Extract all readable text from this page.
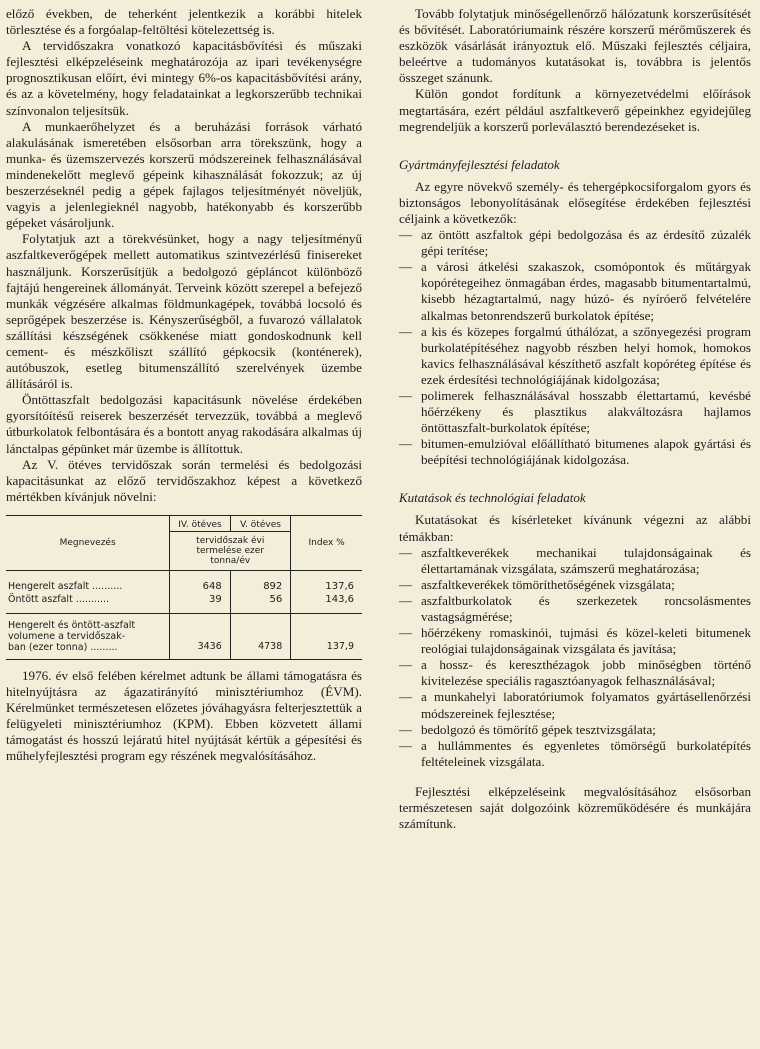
előző években, de teherként jelentkezik a korábbi hitelek törlesztése és a forgóalap-feltöltési kötelezettség is.

A tervidőszakra vonatkozó kapacitásbővítési és műszaki fejlesztési elképzeléseink meghatározója az ipari tevékenységre prognosztikusan előírt, évi mintegy 6%-os kapacitásbővítési arány, és az a követelmény, hogy feladatainkat a legkorszerűbb technikai színvonalon teljesítsük.

A munkaerőhelyzet és a beruházási források várható alakulásának ismeretében elsősorban arra törekszünk, hogy a munka- és üzemszervezés korszerű módszereinek felhasználásával mindenekelőtt meglevő gépeink kihasználását fokozzuk; az új beszerzéseknél pedig a gépek fajlagos teljesítményét növeljük, vagyis a jelenlegieknél nagyobb, hatékonyabb és korszerűbb gépeket vásároljunk.

Folytatjuk azt a törekvésünket, hogy a nagy teljesítményű aszfaltkeverőgépek mellett automatikus szintvezérlésű finisereket használjunk. Korszerűsítjük a bedolgozó gépláncot különböző fajtájú hengereinek állományát. Terveink között szerepel a befejező munkák végzésére alkalmas földmunkagépek, továbbá locsoló és seprőgépek beszerzése is. Kényszerűségből, a fuvarozó vállalatok szállítási készségének csökkenése miatt gondoskodnunk kell cement- és mészkőliszt szállító gépkocsik (konténerek), autóbuszok, esetleg bitumenszállító szerelvények üzembe állításáról is.

Öntöttaszfalt bedolgozási kapacitásunk növelése érdekében gyorsítóítésű reiserek beszerzését tervezzük, továbbá a meglevő útburkolatok felbontására és a bontott anyag rakodására alkalmas új lánctalpas gépünket már üzembe is állítottuk.

Az V. ötéves tervidőszak során termelési és bedolgozási kapacitásunkat az előző tervidőszakhoz képest a következő mértékben kívánjuk növelni:

Megnevezés	IV. ötéves	V. ötéves	Index %
	tervidőszak évi termelése ezer tonna/év		
Hengerelt aszfalt ..........	648	892	137,6
Öntött aszfalt ...........	39	56	143,6

Hengerelt és öntött-aszfalt
volumene a tervidőszak-
ban (ezer tonna) .........	3436	4738	137,9

1976. év első felében kérelmet adtunk be állami támogatásra és hitelnyújtásra az ágazatirányító minisztériumhoz (ÉVM). Kérelmünket természetesen előzetes jóváhagyásra felterjesztettük a felügyeleti minisztériumhoz (KPM). Ebben közvetett állami támogatást és hosszú lejáratú hitel nyújtását kértük a gépesítési és műhelyfejlesztési program egy részének megvalósításához.

Tovább folytatjuk minőségellenőrző hálózatunk korszerűsítését és bővítését. Laboratóriumaink részére korszerű mérőműszerek és eszközök vásárlását irányoztuk elő. Műszaki fejlesztés céljaira, beleértve a tudományos kutatásokat is, továbbra is jelentős összeget szánunk.

Külön gondot fordítunk a környezetvédelmi előírások megtartására, ezért például aszfaltkeverő gépeinkhez egyidejűleg megrendeljük a korszerű porleválasztó berendezéseket is.

Gyártmányfejlesztési feladatok

Az egyre növekvő személy- és tehergépkocsiforgalom gyors és biztonságos lebonyolításának elősegítése érdekében fejlesztési céljaink a következők:

— az öntött aszfaltok gépi bedolgozása és az érdesítő zúzalék gépi terítése;
— a városi átkelési szakaszok, csomópontok és műtárgyak kopórétegeihez önmagában érdes, magasabb bitumentartalmú, kisebb hézagtartalmú, nagy húzó- és nyíróerő felvételére alkalmas betonrendszerű burkolatok építése;
— a kis és közepes forgalmú úthálózat, a szőnyegezési program burkolatépítéséhez nagyobb részben helyi homok, homokos kavics felhasználásával készíthető aszfalt kopóréteg építése és ezek érdesítési technológiájának kidolgozása;
— polimerek felhasználásával hosszabb élettartamú, kevésbé hőérzékeny és plasztikus alakváltozásra hajlamos öntöttaszfalt-burkolatok építése;
— bitumen-emulzióval előállítható bitumenes alapok gyártási és beépítési technológiájának kidolgozása.
Kutatások és technológiai feladatok

Kutatásokat és kísérleteket kívánunk végezni az alábbi témákban:

— aszfaltkeverékek mechanikai tulajdonságainak és élettartamának vizsgálata, számszerű meghatározása;
— aszfaltkeverékek tömöríthetőségének vizsgálata;
— aszfaltburkolatok és szerkezetek roncsolásmentes vastagságmérése;
— hőérzékeny romaskinói, tujmási és közel-keleti bitumenek reológiai tulajdonságainak vizsgálata és javítása;
— a hossz- és kereszthézagok jobb minőségben történő kivitelezése speciális ragasztóanyagok felhasználásával;
— a munkahelyi laboratóriumok folyamatos gyártásellenőrzési módszereinek fejlesztése;
— bedolgozó és tömörítő gépek tesztvizsgálata;
— a hullámmentes és egyenletes tömörségű burkolatépítés feltételeinek vizsgálata.

Fejlesztési elképzeléseink megvalósításához elsősorban természetesen saját dolgozóink közreműködésére és munkájára számítunk.
